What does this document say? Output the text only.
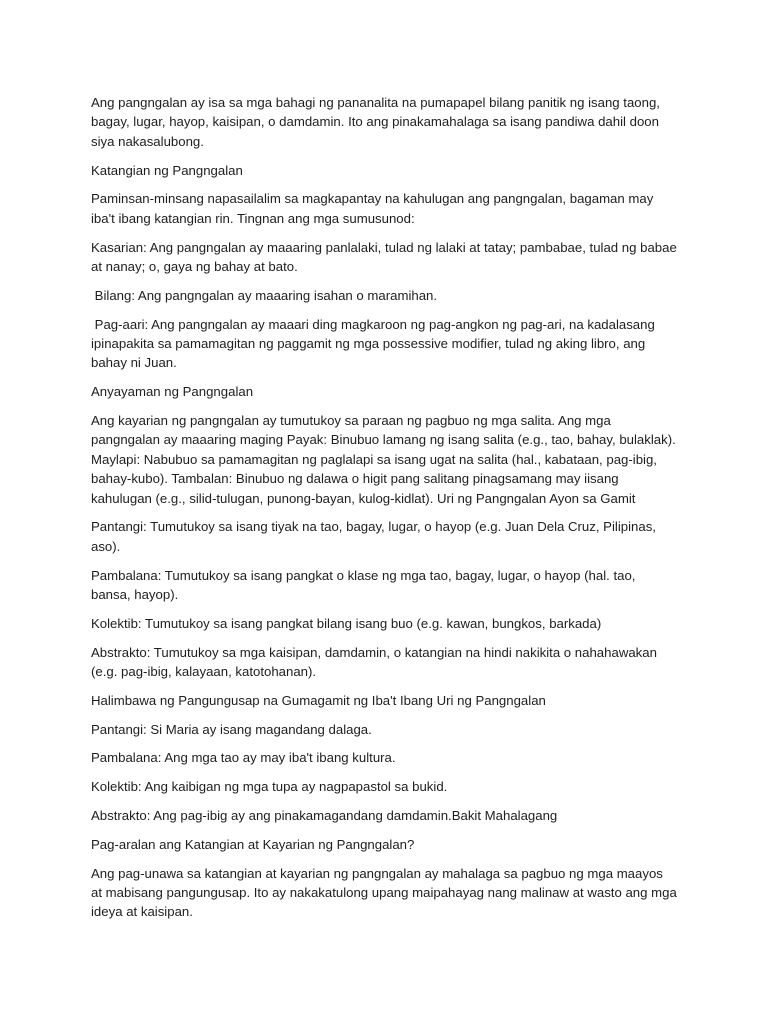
Ang pangngalan ay isa sa mga bahagi ng pananalita na pumapapel bilang panitik ng isang taong, bagay, lugar, hayop, kaisipan, o damdamin. Ito ang pinakamahalaga sa isang pandiwa dahil doon siya nakasalubong.

Katangian ng Pangngalan

Paminsan-minsang napasailalim sa magkapantay na kahulugan ang pangngalan, bagaman may iba't ibang katangian rin. Tingnan ang mga sumusunod:

Kasarian: Ang pangngalan ay maaaring panlalaki, tulad ng lalaki at tatay; pambabae, tulad ng babae at nanay; o, gaya ng bahay at bato.

Bilang: Ang pangngalan ay maaaring isahan o maramihan.

Pag-aari: Ang pangngalan ay maaari ding magkaroon ng pag-angkon ng pag-ari, na kadalasang ipinapakita sa pamamagitan ng paggamit ng mga possessive modifier, tulad ng aking libro, ang bahay ni Juan.

Anyayaman ng Pangngalan

Ang kayarian ng pangngalan ay tumutukoy sa paraan ng pagbuo ng mga salita. Ang mga pangngalan ay maaaring maging Payak: Binubuo lamang ng isang salita (e.g., tao, bahay, bulaklak). Maylapi: Nabubuo sa pamamagitan ng paglalapi sa isang ugat na salita (hal., kabataan, pag-ibig, bahay-kubo). Tambalan: Binubuo ng dalawa o higit pang salitang pinagsamang may iisang kahulugan (e.g., silid-tulugan, punong-bayan, kulog-kidlat). Uri ng Pangngalan Ayon sa Gamit

Pantangi: Tumutukoy sa isang tiyak na tao, bagay, lugar, o hayop (e.g. Juan Dela Cruz, Pilipinas, aso).

Pambalana: Tumutukoy sa isang pangkat o klase ng mga tao, bagay, lugar, o hayop (hal. tao, bansa, hayop).

Kolektib: Tumutukoy sa isang pangkat bilang isang buo (e.g. kawan, bungkos, barkada)

Abstrakto: Tumutukoy sa mga kaisipan, damdamin, o katangian na hindi nakikita o nahahawakan (e.g. pag-ibig, kalayaan, katotohanan).

Halimbawa ng Pangungusap na Gumagamit ng Iba't Ibang Uri ng Pangngalan

Pantangi: Si Maria ay isang magandang dalaga.

Pambalana: Ang mga tao ay may iba't ibang kultura.

Kolektib: Ang kaibigan ng mga tupa ay nagpapastol sa bukid.

Abstrakto: Ang pag-ibig ay ang pinakamagandang damdamin.Bakit Mahalagang

Pag-aralan ang Katangian at Kayarian ng Pangngalan?

Ang pag-unawa sa katangian at kayarian ng pangngalan ay mahalaga sa pagbuo ng mga maayos at mabisang pangungusap. Ito ay nakakatulong upang maipahayag nang malinaw at wasto ang mga ideya at kaisipan.
